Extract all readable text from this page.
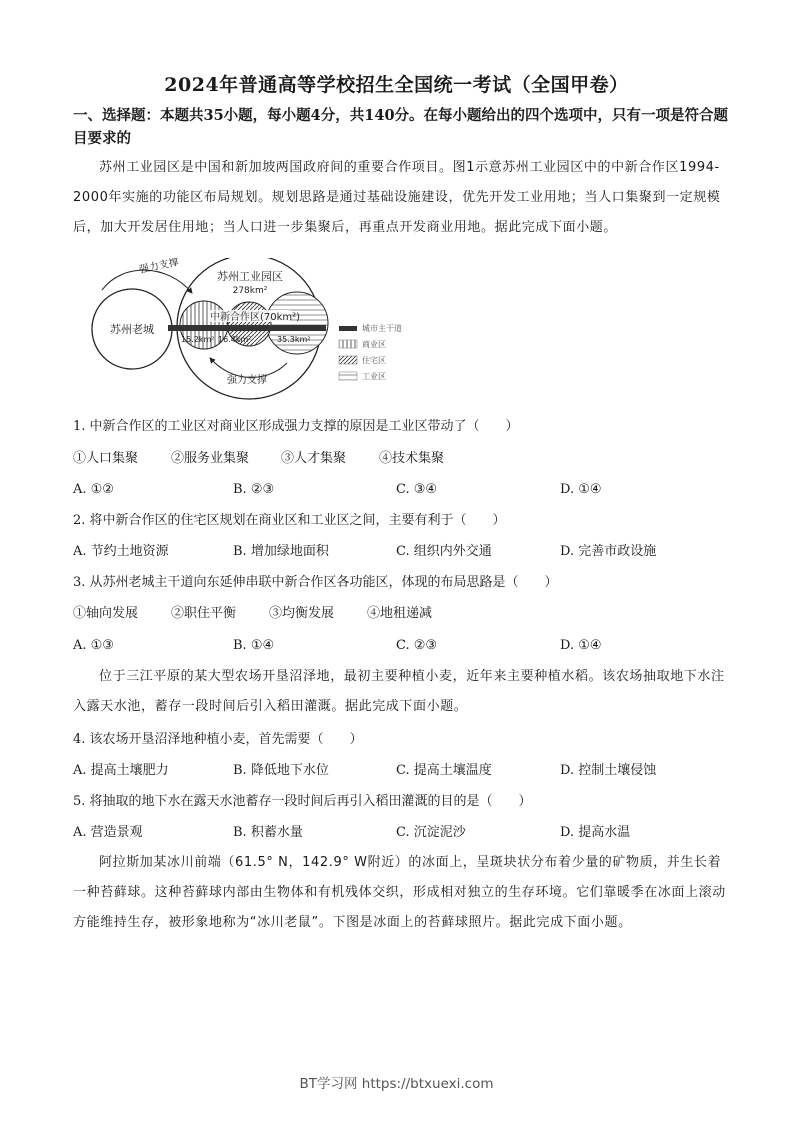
2024年普通高等学校招生全国统一考试（全国甲卷）
一、选择题：本题共35小题，每小题4分，共140分。在每小题给出的四个选项中，只有一项是符合题目要求的
苏州工业园区是中国和新加坡两国政府间的重要合作项目。图1示意苏州工业园区中的中新合作区1994-2000年实施的功能区布局规划。规划思路是通过基础设施建设，优先开发工业用地；当人口集聚到一定规模后，加大开发居住用地；当人口进一步集聚后，再重点开发商业用地。据此完成下面小题。
苏州老城
苏州工业园区
278km²
中新合作区(70km²)
15.2km² 16.4km²	35.3km²
强力支撑
强力支撑
城市主干道
商业区
住宅区
工业区
1. 中新合作区的工业区对商业区形成强力支撑的原因是工业区带动了（　　）
①人口集聚	②服务业集聚 ③人才集聚	④技术集聚
A. ①②	B. ②③	C. ③④	D. ①④
2. 将中新合作区的住宅区规划在商业区和工业区之间，主要有利于（　　）
A. 节约土地资源	B. 增加绿地面积	C. 组织内外交通	D. 完善市政设施
3. 从苏州老城主干道向东延伸串联中新合作区各功能区，体现的布局思路是（　　）
①轴向发展	②职住平衡	③均衡发展	④地租递减
A. ①③	B. ①④	C. ②③	D. ①④
位于三江平原的某大型农场开垦沼泽地，最初主要种植小麦，近年来主要种植水稻。该农场抽取地下水注入露天水池，蓄存一段时间后引入稻田灌溉。据此完成下面小题。
4. 该农场开垦沼泽地种植小麦，首先需要（　　）
A. 提高土壤肥力	B. 降低地下水位	C. 提高土壤温度	D. 控制土壤侵蚀
5. 将抽取的地下水在露天水池蓄存一段时间后再引入稻田灌溉的目的是（　　）
A. 营造景观	B. 积蓄水量	C. 沉淀泥沙	D. 提高水温
阿拉斯加某冰川前端（61.5° N，142.9° W附近）的冰面上，呈斑块状分布着少量的矿物质，并生长着一种苔藓球。这种苔藓球内部由生物体和有机残体交织，形成相对独立的生存环境。它们靠暖季在冰面上滚动方能维持生存，被形象地称为“冰川老鼠”。下图是冰面上的苔藓球照片。据此完成下面小题。
BT学习网 https://btxuexi.com
